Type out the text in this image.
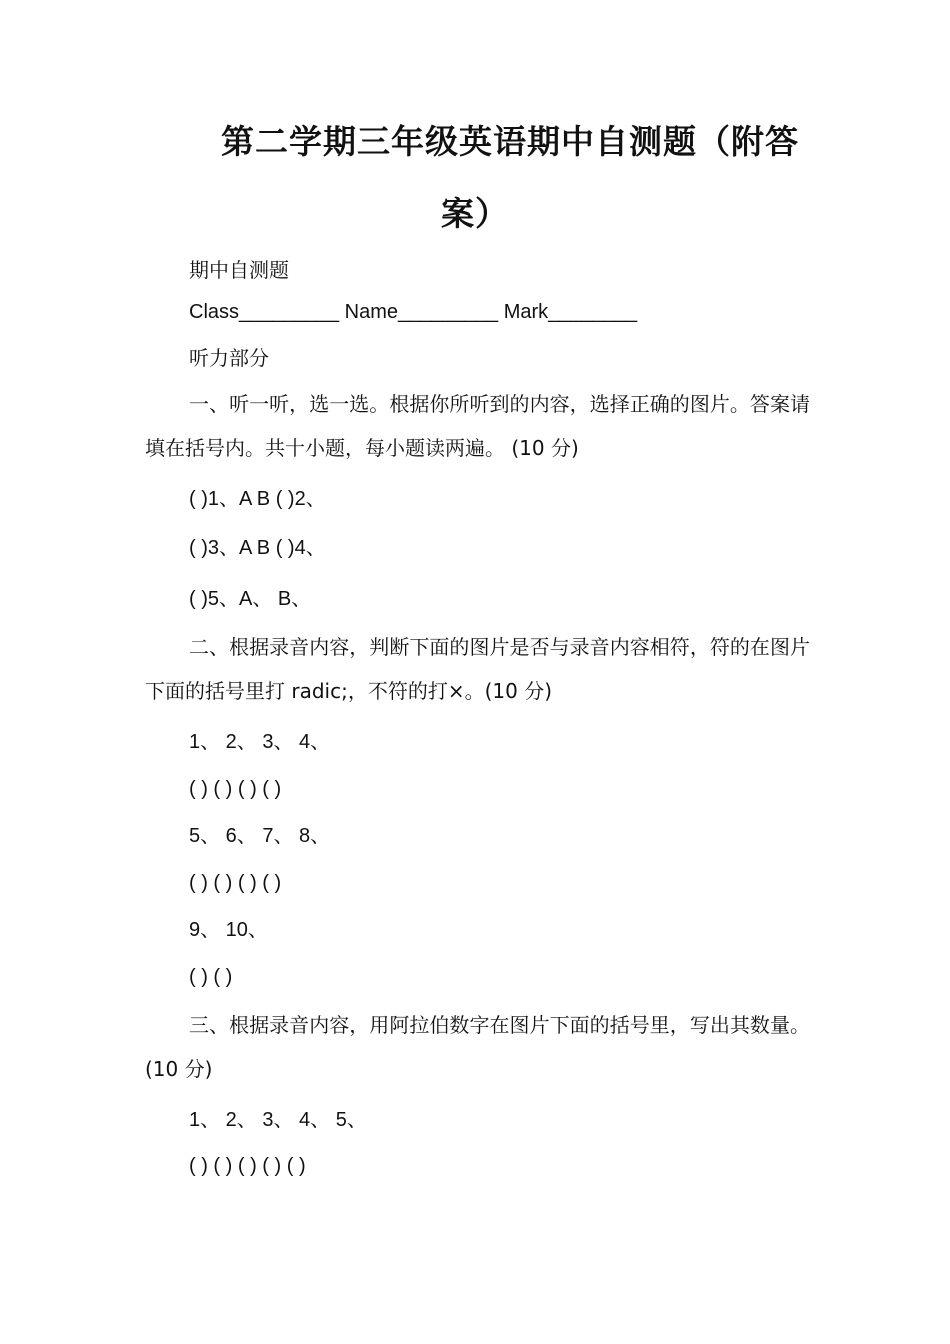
第二学期三年级英语期中自测题（附答
案）
期中自测题
Class_________ Name_________ Mark________
听力部分
一、听一听，选一选。根据你所听到的内容，选择正确的图片。答案请填在括号内。共十小题，每小题读两遍。 (10 分)
( )1、A B ( )2、
( )3、A B ( )4、
( )5、A、 B、
二、根据录音内容，判断下面的图片是否与录音内容相符，符的在图片下面的括号里打 radic;，不符的打×。(10 分)
1、 2、 3、 4、
( ) ( ) ( ) ( )
5、 6、 7、 8、
( ) ( ) ( ) ( )
9、 10、
( ) ( )
三、根据录音内容，用阿拉伯数字在图片下面的括号里，写出其数量。(10 分)
1、 2、 3、 4、 5、
( ) ( ) ( ) ( ) ( )
